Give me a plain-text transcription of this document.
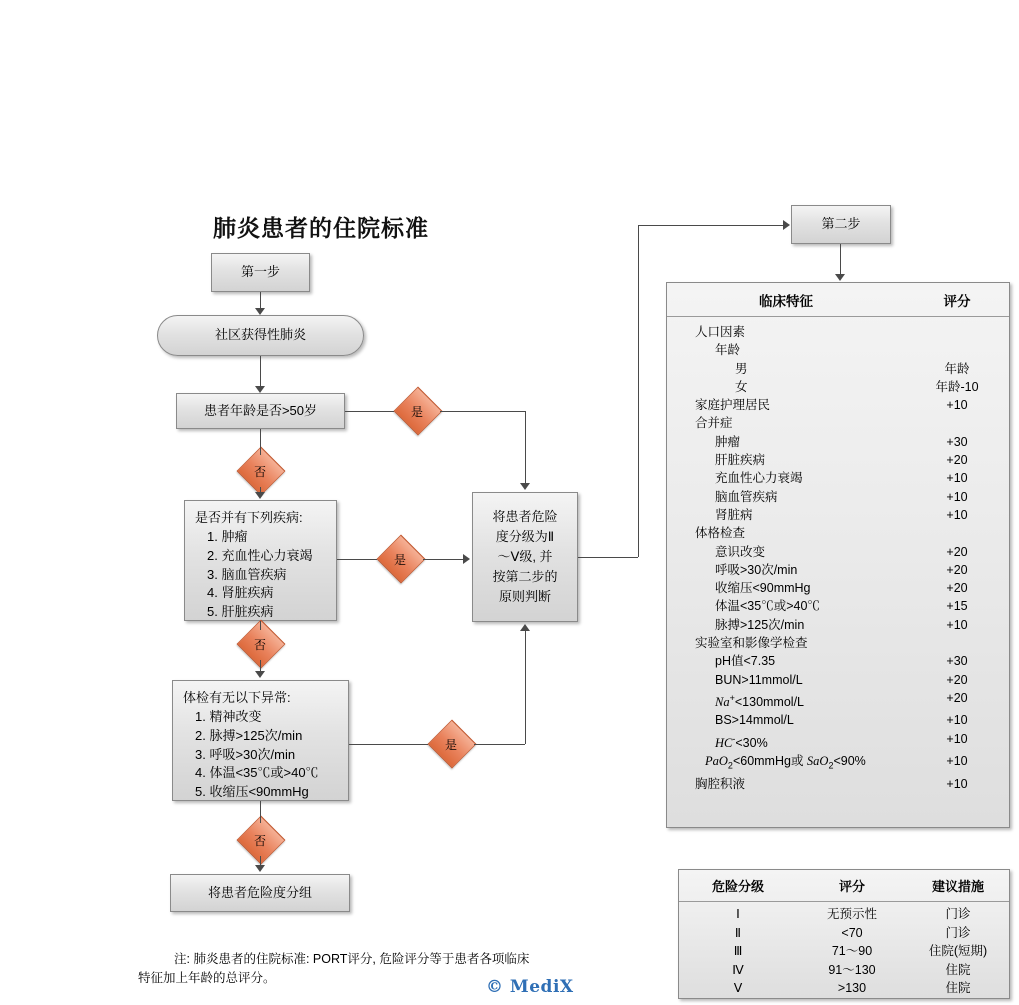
肺炎患者的住院标准
第一步
社区获得性肺炎
患者年龄是否>50岁
是否并有下列疾病:
1. 肿瘤
2. 充血性心力衰竭
3. 脑血管疾病
4. 肾脏疾病
5. 肝脏疾病
体检有无以下异常:
1. 精神改变
2. 脉搏>125次/min
3. 呼吸>30次/min
4. 体温<35℃或>40℃
5. 收缩压<90mmHg
将患者危险度分组
将患者危险
度分级为Ⅱ
～Ⅴ级, 并
按第二步的
原则判断
第二步
是
否
是
否
是
否
临床特征	评分
人口因素
年龄
男	年龄
女	年龄-10
家庭护理居民	+10
合并症
肿瘤	+30
肝脏疾病	+20
充血性心力衰竭	+10
脑血管疾病	+10
肾脏病	+10
体格检查
意识改变	+20
呼吸>30次/min	+20
收缩压<90mmHg	+20
体温<35℃或>40℃	+15
脉搏>125次/min	+10
实验室和影像学检查
pH值<7.35	+30
BUN>11mmol/L	+20
Na+<130mmol/L	+20
BS>14mmol/L	+10
HC-<30%	+10
PaO$_2$<60mmHg或 SaO$_2$<90%	+10
胸腔积液	+10
危险分级	评分	建议措施
Ⅰ	无预示性	门诊
Ⅱ	<70	门诊
Ⅲ	71～90	住院(短期)
Ⅳ	91～130	住院
Ⅴ	>130	住院
注: 肺炎患者的住院标准: PORT评分, 危险评分等于患者各项临床
特征加上年龄的总评分。	© MediX
